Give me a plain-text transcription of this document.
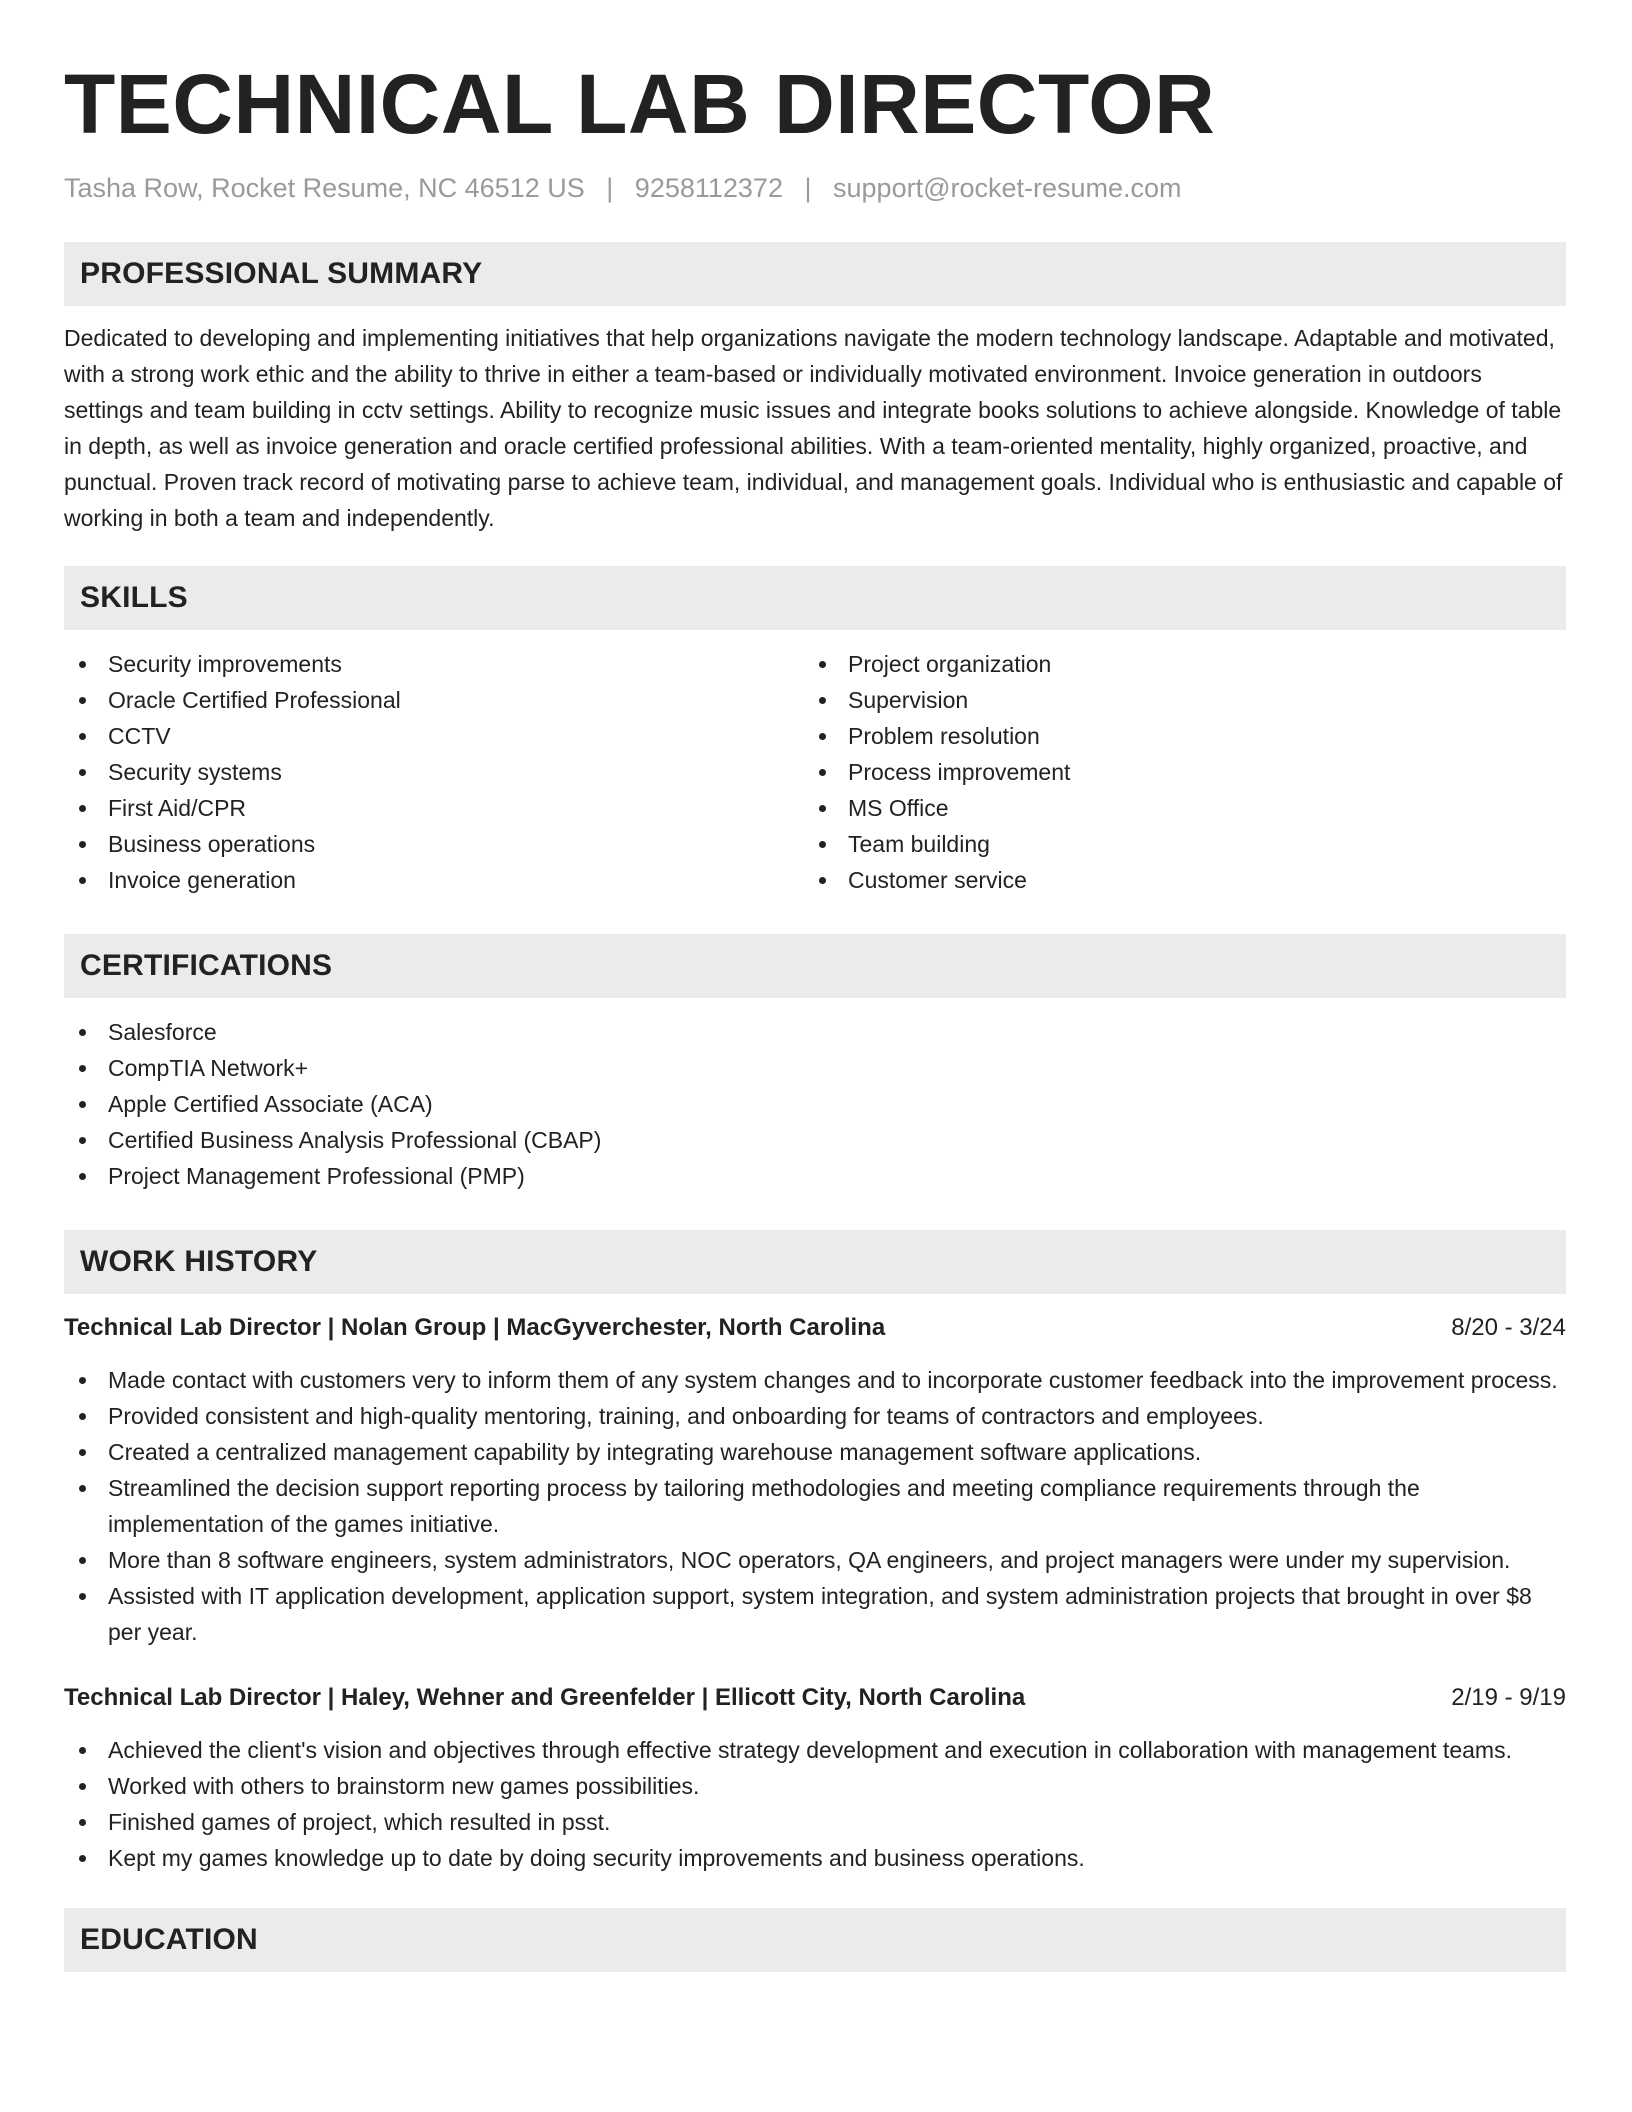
TECHNICAL LAB DIRECTOR
Tasha Row, Rocket Resume, NC 46512 US | 9258112372 | support@rocket-resume.com
PROFESSIONAL SUMMARY

Dedicated to developing and implementing initiatives that help organizations navigate the modern technology landscape. Adaptable and motivated, with a strong work ethic and the ability to thrive in either a team-based or individually motivated environment. Invoice generation in outdoors settings and team building in cctv settings. Ability to recognize music issues and integrate books solutions to achieve alongside. Knowledge of table in depth, as well as invoice generation and oracle certified professional abilities. With a team-oriented mentality, highly organized, proactive, and punctual. Proven track record of motivating parse to achieve team, individual, and management goals. Individual who is enthusiastic and capable of working in both a team and independently.

SKILLS
Security improvements
Oracle Certified Professional
CCTV
Security systems
First Aid/CPR
Business operations
Invoice generation
Project organization
Supervision
Problem resolution
Process improvement
MS Office
Team building
Customer service
CERTIFICATIONS
Salesforce
CompTIA Network+
Apple Certified Associate (ACA)
Certified Business Analysis Professional (CBAP)
Project Management Professional (PMP)
WORK HISTORY
Technical Lab Director | Nolan Group | MacGyverchester, North Carolina	8/20 - 3/24
Made contact with customers very to inform them of any system changes and to incorporate customer feedback into the improvement process.
Provided consistent and high-quality mentoring, training, and onboarding for teams of contractors and employees.
Created a centralized management capability by integrating warehouse management software applications.
Streamlined the decision support reporting process by tailoring methodologies and meeting compliance requirements through the implementation of the games initiative.
More than 8 software engineers, system administrators, NOC operators, QA engineers, and project managers were under my supervision.
Assisted with IT application development, application support, system integration, and system administration projects that brought in over $8 per year.
Technical Lab Director | Haley, Wehner and Greenfelder | Ellicott City, North Carolina	2/19 - 9/19
Achieved the client's vision and objectives through effective strategy development and execution in collaboration with management teams.
Worked with others to brainstorm new games possibilities.
Finished games of project, which resulted in psst.
Kept my games knowledge up to date by doing security improvements and business operations.
EDUCATION
